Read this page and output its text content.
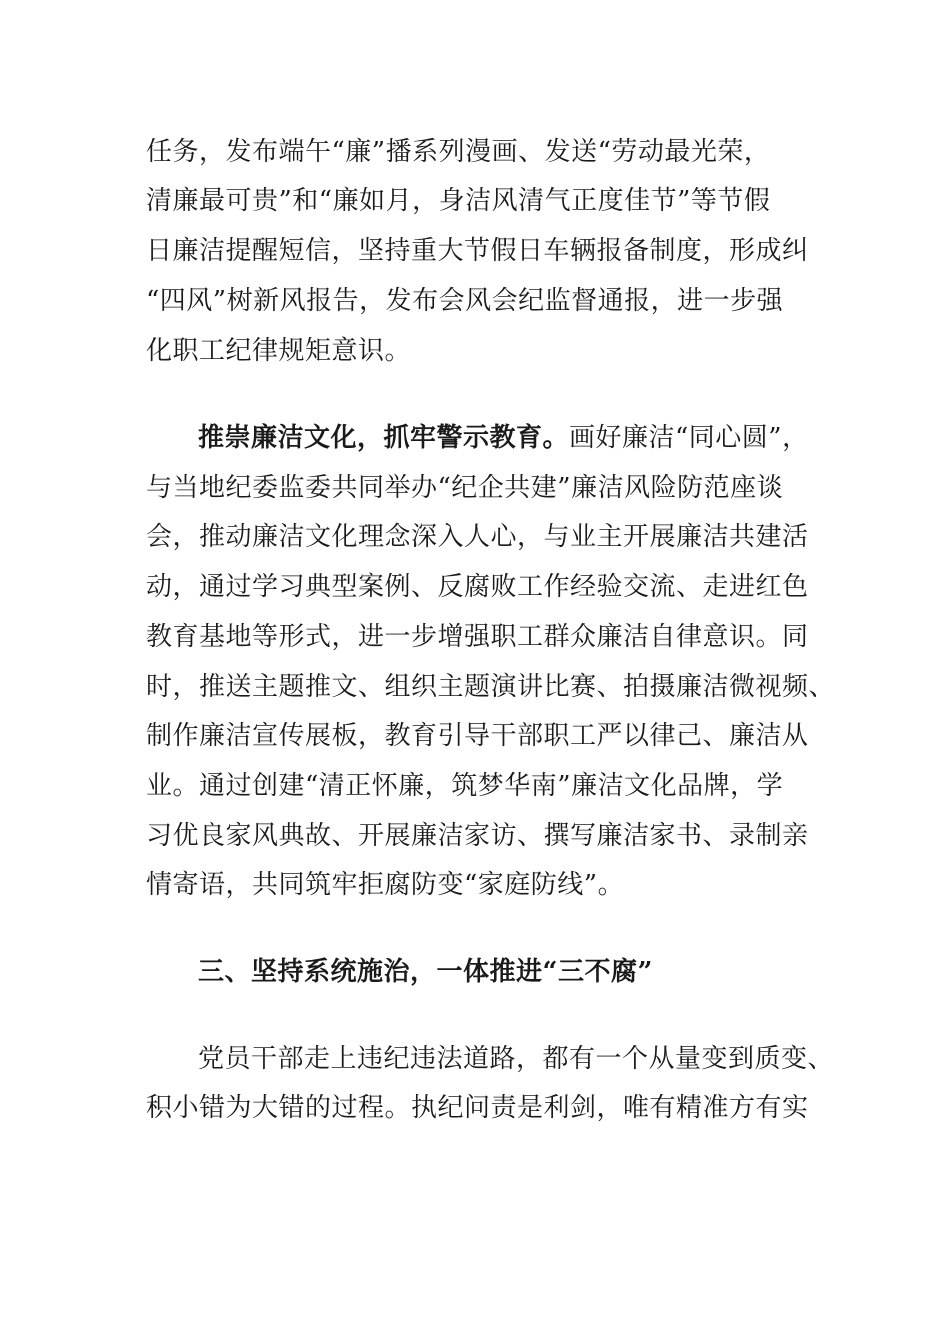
任务，发布端午“廉”播系列漫画、发送“劳动最光荣，
清廉最可贵”和“廉如月，身洁风清气正度佳节”等节假
日廉洁提醒短信，坚持重大节假日车辆报备制度，形成纠
“四风”树新风报告，发布会风会纪监督通报，进一步强
化职工纪律规矩意识。
推崇廉洁文化，抓牢警示教育。画好廉洁“同心圆”，
与当地纪委监委共同举办“纪企共建”廉洁风险防范座谈
会，推动廉洁文化理念深入人心，与业主开展廉洁共建活
动，通过学习典型案例、反腐败工作经验交流、走进红色
教育基地等形式，进一步增强职工群众廉洁自律意识。同
时，推送主题推文、组织主题演讲比赛、拍摄廉洁微视频、
制作廉洁宣传展板，教育引导干部职工严以律己、廉洁从
业。通过创建“清正怀廉，筑梦华南”廉洁文化品牌，学
习优良家风典故、开展廉洁家访、撰写廉洁家书、录制亲
情寄语，共同筑牢拒腐防变“家庭防线”。
三、坚持系统施治，一体推进“三不腐”
党员干部走上违纪违法道路，都有一个从量变到质变、
积小错为大错的过程。执纪问责是利剑，唯有精准方有实
